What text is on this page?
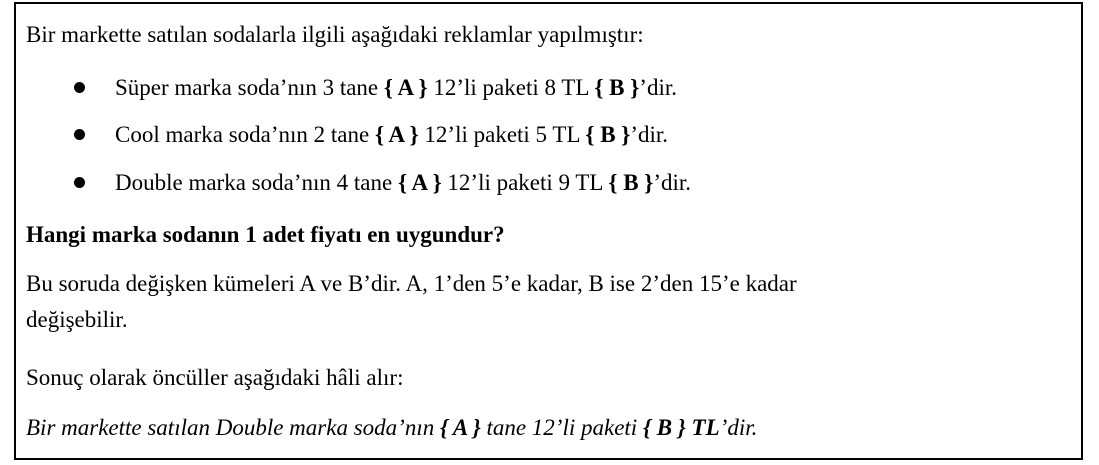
Bir markette satılan sodalarla ilgili aşağıdaki reklamlar yapılmıştır:
Süper marka soda’nın 3 tane { A } 12’li paketi 8 TL { B }’dir.
Cool marka soda’nın 2 tane { A } 12’li paketi 5 TL { B }’dir.
Double marka soda’nın 4 tane { A } 12’li paketi 9 TL { B }’dir.
Hangi marka sodanın 1 adet fiyatı en uygundur?
Bu soruda değişken kümeleri A ve B’dir. A, 1’den 5’e kadar, B ise 2’den 15’e kadar
değişebilir.
Sonuç olarak öncüller aşağıdaki hâli alır:
Bir markette satılan Double marka soda’nın { A } tane 12’li paketi { B } TL’dir.
